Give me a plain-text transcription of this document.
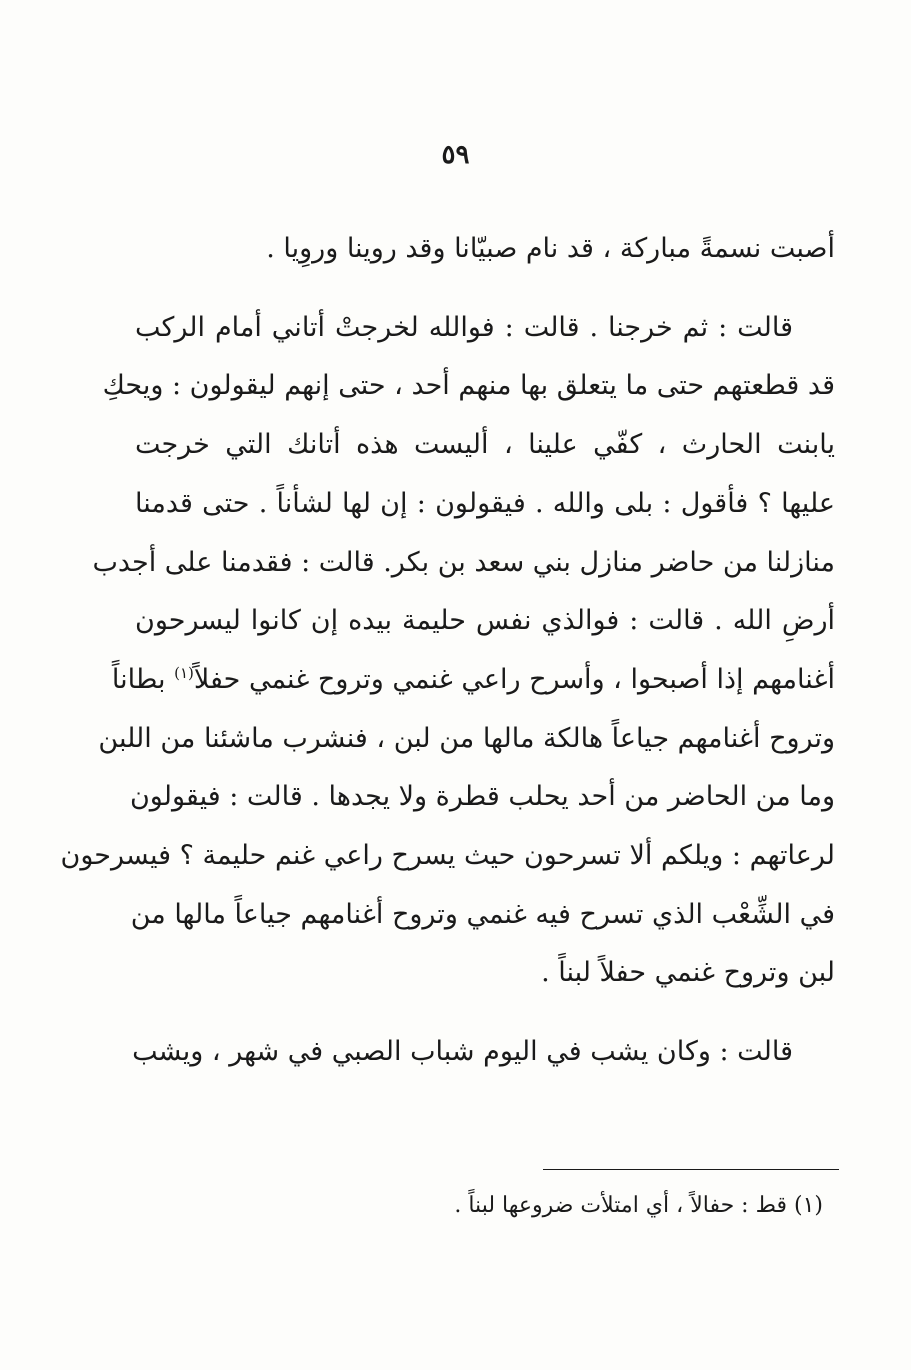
٥٩
أصبت نسمةً مباركة ، قد نام صبيّانا وقد روينا وروِيا .
قالت : ثم خرجنا . قالت : فوالله لخرجتْ أتاني أمام الركب
قد قطعتهم حتى ما يتعلق بها منهم أحد ، حتى إنهم ليقولون : ويحكِ
يابنت الحارث ، كفّي علينا ، أليست هذه أتانك التي خرجت
عليها ؟ فأقول : بلى والله . فيقولون : إن لها لشأناً . حتى قدمنا
منازلنا من حاضر منازل بني سعد بن بكر. قالت : فقدمنا على أجدب
أرضِ الله . قالت : فوالذي نفس حليمة بيده إن كانوا ليسرحون
أغنامهم إذا أصبحوا ، وأسرح راعي غنمي وتروح غنمي حفلاً$^{(١)}$ بطاناً
وتروح أغنامهم جياعاً هالكة مالها من لبن ، فنشرب ماشئنا من اللبن
وما من الحاضر من أحد يحلب قطرة ولا يجدها . قالت : فيقولون
لرعاتهم : ويلكم ألا تسرحون حيث يسرح راعي غنم حليمة ؟ فيسرحون
في الشِّعْب الذي تسرح فيه غنمي وتروح أغنامهم جياعاً مالها من
لبن وتروح غنمي حفلاً لبناً .
قالت : وكان يشب في اليوم شباب الصبي في شهر ، ويشب
(١) قط : حفالاً ، أي امتلأت ضروعها لبناً .
